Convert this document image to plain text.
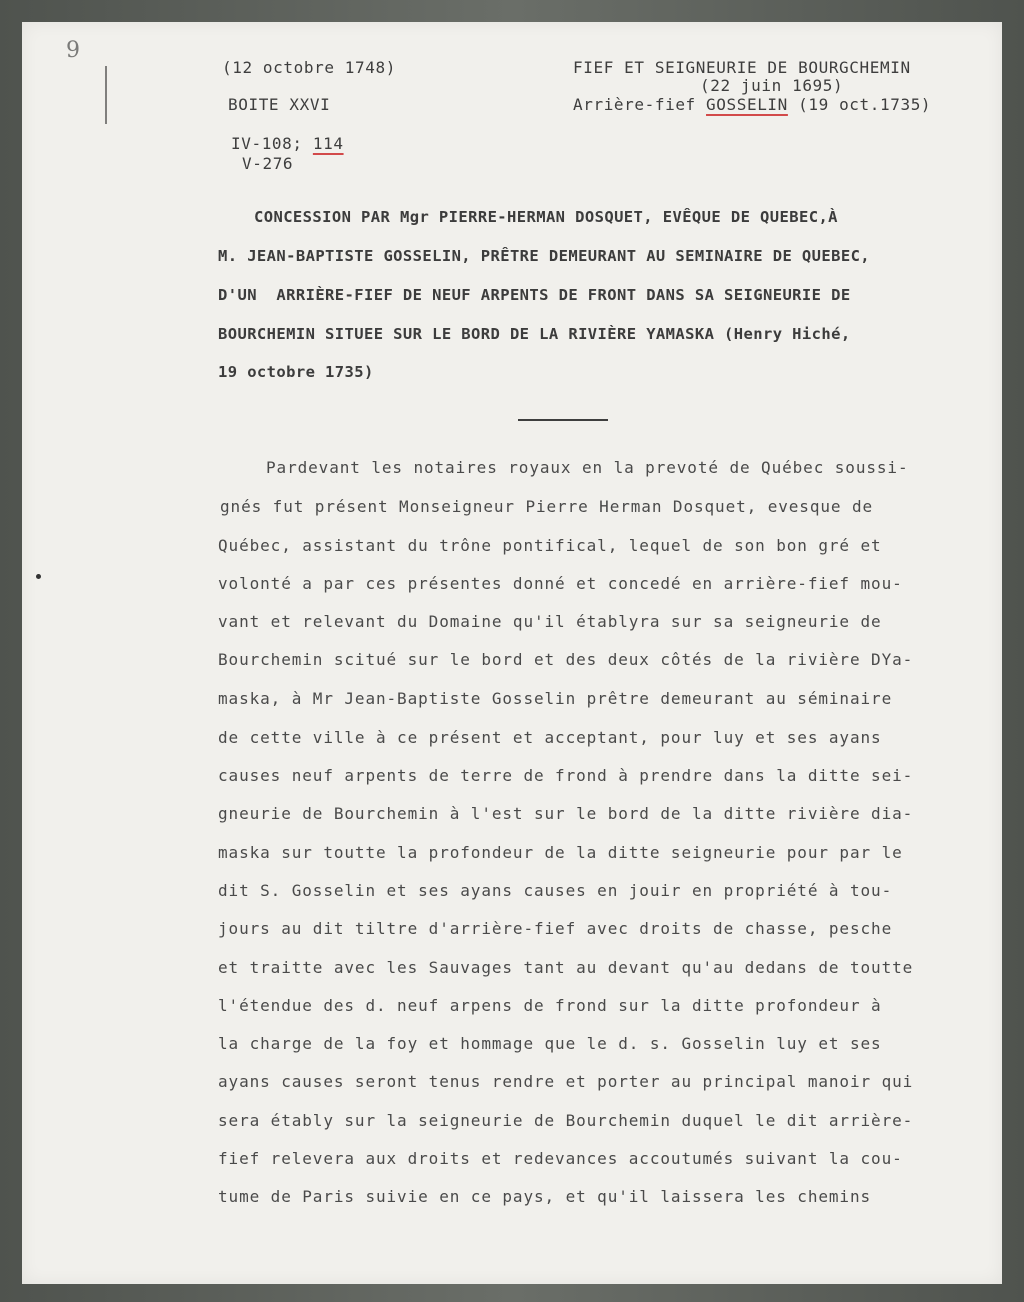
9
(12 octobre 1748)
BOITE XXVI
IV-108; 114
V-276
FIEF ET SEIGNEURIE DE BOURGCHEMIN
(22 juin 1695)
Arrière-fief GOSSELIN (19 oct.1735)
CONCESSION PAR Mgr PIERRE-HERMAN DOSQUET, EVÊQUE DE QUEBEC,À
M. JEAN-BAPTISTE GOSSELIN, PRÊTRE DEMEURANT AU SEMINAIRE DE QUEBEC,
D'UN  ARRIÈRE-FIEF DE NEUF ARPENTS DE FRONT DANS SA SEIGNEURIE DE
BOURCHEMIN SITUEE SUR LE BORD DE LA RIVIÈRE YAMASKA (Henry Hiché,
19 octobre 1735)
Pardevant les notaires royaux en la prevoté de Québec soussi-
gnés fut présent Monseigneur Pierre Herman Dosquet, evesque de
Québec, assistant du trône pontifical, lequel de son bon gré et
volonté a par ces présentes donné et concedé en arrière-fief mou-
vant et relevant du Domaine qu'il établyra sur sa seigneurie de
Bourchemin scitué sur le bord et des deux côtés de la rivière DYa-
maska, à Mr Jean-Baptiste Gosselin prêtre demeurant au séminaire
de cette ville à ce présent et acceptant, pour luy et ses ayans
causes neuf arpents de terre de frond à prendre dans la ditte sei-
gneurie de Bourchemin à l'est sur le bord de la ditte rivière dia-
maska sur toutte la profondeur de la ditte seigneurie pour par le
dit S. Gosselin et ses ayans causes en jouir en propriété à tou-
jours au dit tiltre d'arrière-fief avec droits de chasse, pesche
et traitte avec les Sauvages tant au devant qu'au dedans de toutte
l'étendue des d. neuf arpens de frond sur la ditte profondeur à
la charge de la foy et hommage que le d. s. Gosselin luy et ses
ayans causes seront tenus rendre et porter au principal manoir qui
sera étably sur la seigneurie de Bourchemin duquel le dit arrière-
fief relevera aux droits et redevances accoutumés suivant la cou-
tume de Paris suivie en ce pays, et qu'il laissera les chemins
